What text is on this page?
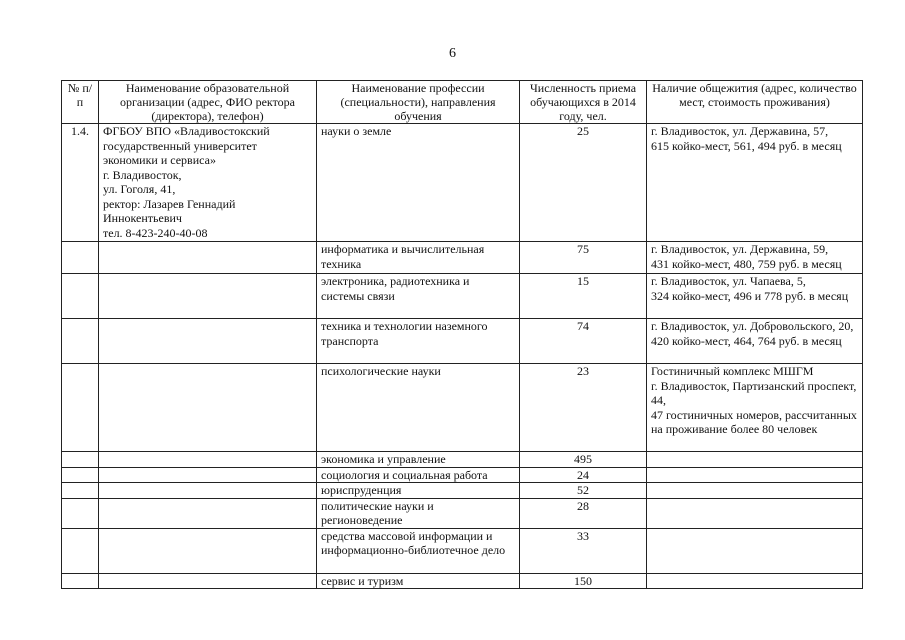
6
№ п/п	Наименование образовательной организации (адрес, ФИО ректора (директора), телефон)	Наименование профессии (специальности), направления обучения	Численность приема обучающихся в 2014 году, чел.	Наличие общежития (адрес, количество мест, стоимость проживания)
1.4.	ФГБОУ ВПО «Владивостокский государственный университет экономики и сервиса»
г. Владивосток,
ул. Гоголя, 41,
ректор: Лазарев Геннадий Иннокентьевич
тел. 8-423-240-40-08	науки о земле	25	г. Владивосток, ул. Державина, 57,
615 койко-мест, 561, 494 руб. в месяц
		информатика и вычислительная техника	75	г. Владивосток, ул. Державина, 59,
431 койко-мест, 480, 759 руб. в месяц
		электроника, радиотехника и системы связи	15	г. Владивосток, ул. Чапаева, 5,
324 койко-мест, 496 и 778 руб. в месяц
		техника и технологии наземного транспорта	74	г. Владивосток, ул. Добровольского, 20,
420 койко-мест, 464, 764 руб. в месяц
		психологические науки	23	Гостиничный комплекс МШГМ
г. Владивосток, Партизанский проспект, 44,
47 гостиничных номеров, рассчитанных на проживание более 80 человек
		экономика и управление	495	
		социология и социальная работа	24	
		юриспруденция	52	
		политические науки и регионоведение	28	
		средства массовой информации и информационно-библиотечное дело	33	
		сервис и туризм	150	
